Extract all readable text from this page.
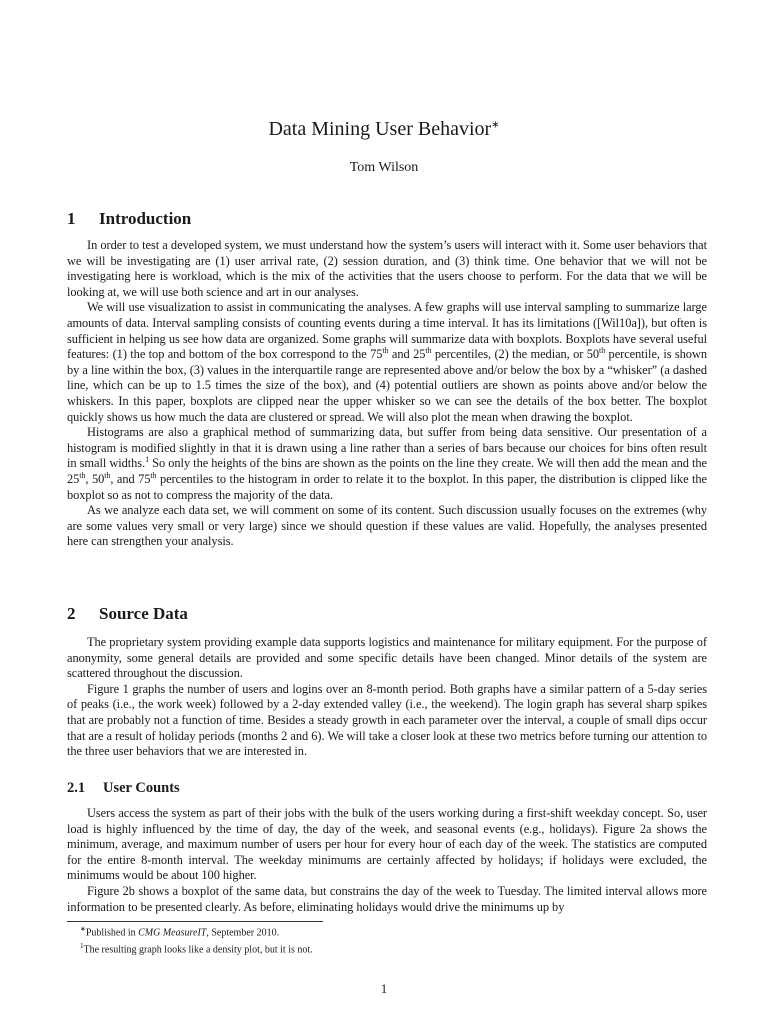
Data Mining User Behavior∗

Tom Wilson

1 Introduction

In order to test a developed system, we must understand how the system’s users will interact with it. Some user behaviors that we will be investigating are (1) user arrival rate, (2) session duration, and (3) think time. One behavior that we will not be investigating here is workload, which is the mix of the activities that the users choose to perform. For the data that we will be looking at, we will use both science and art in our analyses.

We will use visualization to assist in communicating the analyses. A few graphs will use interval sampling to summarize large amounts of data. Interval sampling consists of counting events during a time interval. It has its limitations ([Wil10a]), but often is sufficient in helping us see how data are organized. Some graphs will summarize data with boxplots. Boxplots have several useful features: (1) the top and bottom of the box correspond to the 75th and 25th percentiles, (2) the median, or 50th percentile, is shown by a line within the box, (3) values in the interquartile range are represented above and/or below the box by a “whisker” (a dashed line, which can be up to 1.5 times the size of the box), and (4) potential outliers are shown as points above and/or below the whiskers. In this paper, boxplots are clipped near the upper whisker so we can see the details of the box better. The boxplot quickly shows us how much the data are clustered or spread. We will also plot the mean when drawing the boxplot.

Histograms are also a graphical method of summarizing data, but suffer from being data sensitive. Our presentation of a histogram is modified slightly in that it is drawn using a line rather than a series of bars because our choices for bins often result in small widths.$^1$ So only the heights of the bins are shown as the points on the line they create. We will then add the mean and the 25th, 50th, and 75th percentiles to the histogram in order to relate it to the boxplot. In this paper, the distribution is clipped like the boxplot so as not to compress the majority of the data.

As we analyze each data set, we will comment on some of its content. Such discussion usually focuses on the extremes (why are some values very small or very large) since we should question if these values are valid. Hopefully, the analyses presented here can strengthen your analysis.

2 Source Data

The proprietary system providing example data supports logistics and maintenance for military equipment. For the purpose of anonymity, some general details are provided and some specific details have been changed. Minor details of the system are scattered throughout the discussion.

Figure 1 graphs the number of users and logins over an 8-month period. Both graphs have a similar pattern of a 5-day series of peaks (i.e., the work week) followed by a 2-day extended valley (i.e., the weekend). The login graph has several sharp spikes that are probably not a function of time. Besides a steady growth in each parameter over the interval, a couple of small dips occur that are a result of holiday periods (months 2 and 6). We will take a closer look at these two metrics before turning our attention to the three user behaviors that we are interested in.

2.1 User Counts

Users access the system as part of their jobs with the bulk of the users working during a first-shift weekday concept. So, user load is highly influenced by the time of day, the day of the week, and seasonal events (e.g., holidays). Figure 2a shows the minimum, average, and maximum number of users per hour for every hour of each day of the week. The statistics are computed for the entire 8-month interval. The weekday minimums are certainly affected by holidays; if holidays were excluded, the minimums would be about 100 higher.

Figure 2b shows a boxplot of the same data, but constrains the day of the week to Tuesday. The limited interval allows more information to be presented clearly. As before, eliminating holidays would drive the minimums up by

∗Published in CMG MeasureIT, September 2010.

$^1$The resulting graph looks like a density plot, but it is not.

1
